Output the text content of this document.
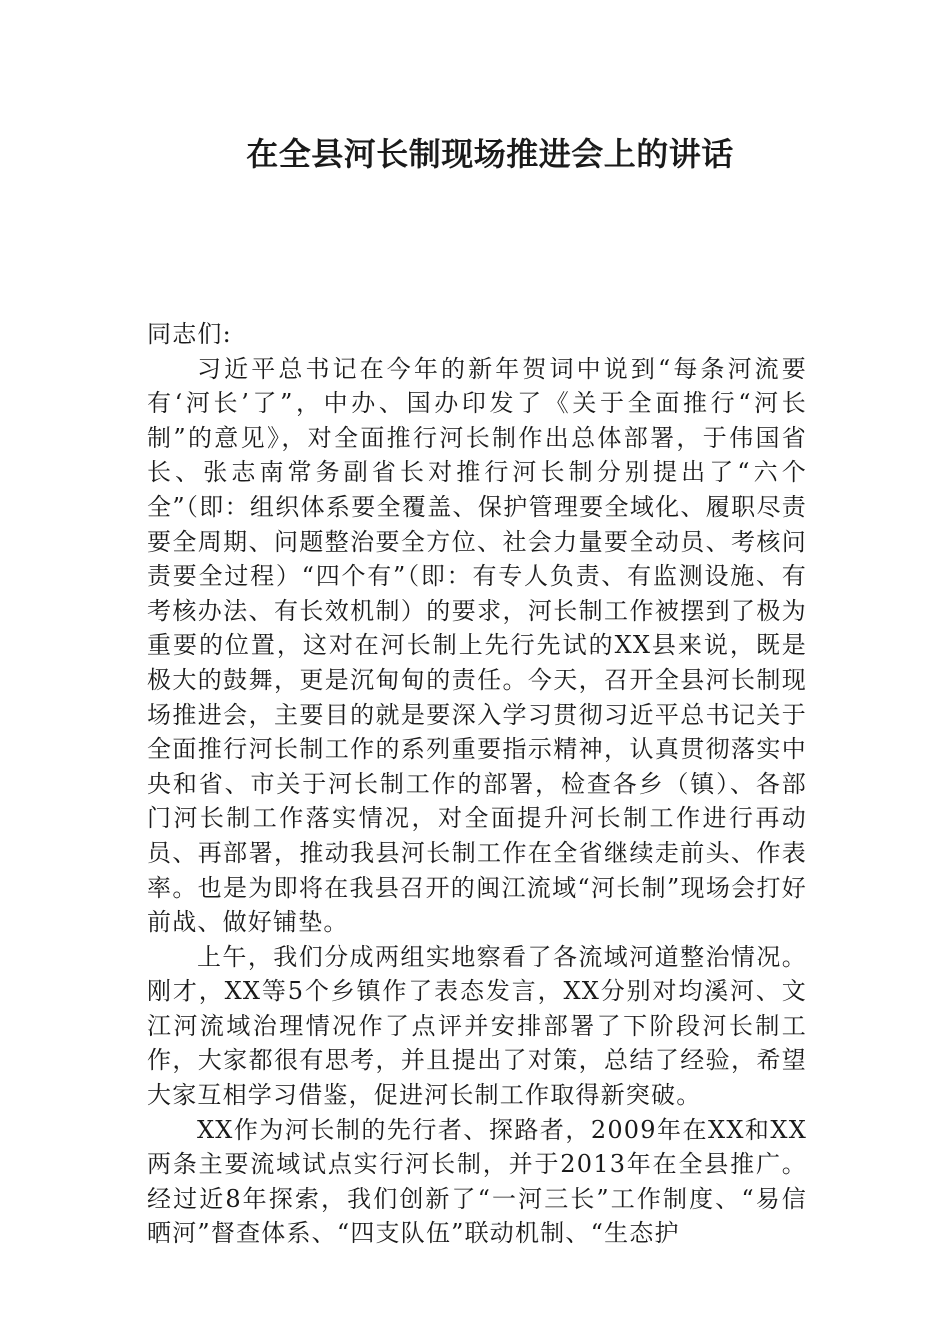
在全县河长制现场推进会上的讲话

同志们:

习近平总书记在今年的新年贺词中说到“每条河流要有‘河长’了”，中办、国办印发了《关于全面推行“河长制”的意见》，对全面推行河长制作出总体部署，于伟国省长、张志南常务副省长对推行河长制分别提出了“六个全”（即：组织体系要全覆盖、保护管理要全域化、履职尽责要全周期、问题整治要全方位、社会力量要全动员、考核问责要全过程）“四个有”（即：有专人负责、有监测设施、有考核办法、有长效机制）的要求，河长制工作被摆到了极为重要的位置，这对在河长制上先行先试的XX县来说，既是极大的鼓舞，更是沉甸甸的责任。今天，召开全县河长制现场推进会，主要目的就是要深入学习贯彻习近平总书记关于全面推行河长制工作的系列重要指示精神，认真贯彻落实中央和省、市关于河长制工作的部署，检查各乡（镇）、各部门河长制工作落实情况，对全面提升河长制工作进行再动员、再部署，推动我县河长制工作在全省继续走前头、作表率。也是为即将在我县召开的闽江流域“河长制”现场会打好前战、做好铺垫。

上午，我们分成两组实地察看了各流域河道整治情况。刚才，XX等5个乡镇作了表态发言，XX分别对均溪河、文江河流域治理情况作了点评并安排部署了下阶段河长制工作，大家都很有思考，并且提出了对策，总结了经验，希望大家互相学习借鉴，促进河长制工作取得新突破。

XX作为河长制的先行者、探路者，2009年在XX和XX两条主要流域试点实行河长制，并于2013年在全县推广。经过近8年探索，我们创新了“一河三长”工作制度、“易信晒河”督查体系、“四支队伍”联动机制、“生态护
